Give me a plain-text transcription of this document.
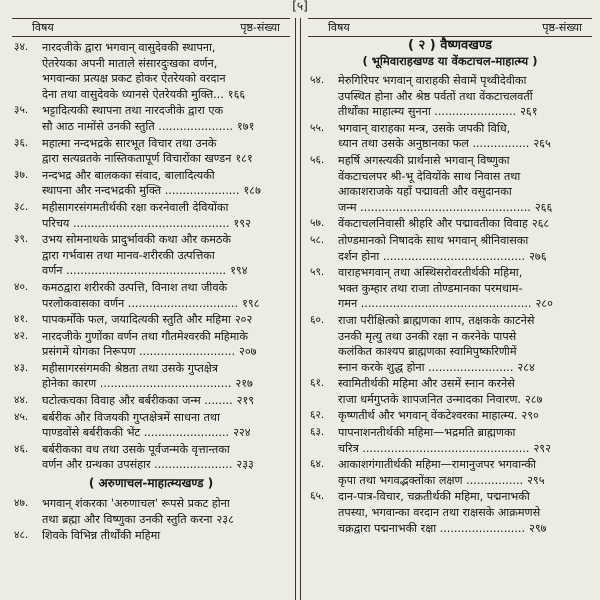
[५]
विषय	पृष्ठ-संख्या
३४. नारदजीके द्वारा भगवान् वासुदेवकी स्थापना,
ऐतरेयका अपनी माताले संसारदुःखका वर्णन,
भगवान्का प्रत्यक्ष प्रकट होकर ऐतरेयको वरदान
देना तथा वासुदेवके ध्यानसे ऐतरेयकी मुक्ति... १६६
३५. भट्टादित्यकी स्थापना तथा नारदजीके द्वारा एक
सौ आठ नामोंसे उनकी स्तुति ..................... १७१
३६. महात्मा नन्दभद्रके सारभूत विचार तथा उनके
द्वारा सत्यव्रतके नास्तिकतापूर्ण विचारोंका खण्डन १८१
३७. नन्दभद्र और बालकका संवाद, बालादित्यकी
स्थापना और नन्दभद्रकी मुक्ति ..................... १८७
३८. महीसागरसंगमतीर्थकी रक्षा करनेवाली देवियोंका
परिचय ............................................ १९२
३९. उभय सोमनाथके प्रादुर्भावकी कथा और कमठके
द्वारा गर्भवास तथा मानव-शरीरकी उत्पत्तिका
वर्णन ............................................. १९४
४०. कमठद्वारा शरीरकी उत्पत्ति, विनाश तथा जीवके
परलोकवासका वर्णन ............................... १९८
४१. पापकर्मोंके फल, जयादित्यकी स्तुति और महिमा २०२
४२. नारदजीके गुणोंका वर्णन तथा गौतमेश्वरकी महिमाके
प्रसंगमें योगका निरूपण ........................... २०७
४३. महीसागरसंगमकी श्रेष्ठता तथा उसके गुप्तक्षेत्र
होनेका कारण ..................................... २१७
४४. घटोत्कचका विवाह और बर्बरीकका जन्म ........ २१९
४५. बर्बरीक और विजयकी गुप्तक्षेत्रमें साधना तथा
पाण्डवोंसे बर्बरीककी भेंट ........................ २२४
४६. बर्बरीकका वध तथा उसके पूर्वजन्मके वृत्तान्तका
वर्णन और ग्रन्थका उपसंहार ...................... २३३
( अरुणाचल-माहात्म्यखण्ड )
४७. भगवान् शंकरका 'अरुणाचल' रूपसे प्रकट होना
तथा ब्रह्मा और विष्णुका उनकी स्तुति करना २३८
४८. शिवके विभिन्न तीर्थोंकी महिमा
विषय	पृष्ठ-संख्या
( २ ) वैष्णवखण्ड
( भूमिवाराहखण्ड या वेंकटाचल-माहात्म्य )
५४. मेरुगिरिपर भगवान् वाराहकी सेवामें पृथ्वीदेवीका
उपस्थित होना और श्रेष्ठ पर्वतों तथा वेंकटाचलवर्ती
तीर्थोंका माहात्म्य सुनना ....................... २६१
५५. भगवान् वाराहका मन्त्र, उसके जपकी विधि,
ध्यान तथा उसके अनुष्ठानका फल ................ २६५
५६. महर्षि अगस्त्यकी प्रार्थनासे भगवान् विष्णुका
वेंकटाचलपर श्री-भू देवियोंके साथ निवास तथा
आकाशराजके यहाँ पद्मावती और वसुदानका
जन्म ................................................ २६६
५७. वेंकटाचलनिवासी श्रीहरि और पद्मावतीका विवाह २६८
५८. तोण्डमानको निषादके साथ भगवान् श्रीनिवासका
दर्शन होना ........................................ २७६
५९. वाराहभगवान् तथा अस्थिसरोवरतीर्थकी महिमा,
भक्त कुम्हार तथा राजा तोण्डमानका परमधाम-
गमन ................................................ २८०
६०. राजा परीक्षित्को ब्राह्मणका शाप, तक्षकके काटनेसे
उनकी मृत्यु तथा उनकी रक्षा न करनेके पापसे
कलंकित काश्यप ब्राह्मणका स्वामिपुष्करिणीमें
स्नान करके शुद्ध होना ........................ २८४
६१. स्वामितीर्थकी महिमा और उसमें स्नान करनेसे
राजा धर्मगुप्तके शापजनित उन्मादका निवारण. २८७
६२. कृष्णतीर्थ और भगवान् वेंकटेश्वरका माहात्म्य. २९०
६३. पापनाशनतीर्थकी महिमा—भद्रमति ब्राह्मणका
चरित्र ............................................... २९२
६४. आकाशगंगातीर्थकी महिमा—रामानुजपर भगवान्की
कृपा तथा भगवद्भक्तोंका लक्षण ................ २९५
६५. दान-पात्र-विचार, चक्रतीर्थकी महिमा, पद्मनाभकी
तपस्या, भगवान्का वरदान तथा राक्षसके आक्रमणसे
चक्रद्वारा पद्मनाभकी रक्षा ........................ २९७
